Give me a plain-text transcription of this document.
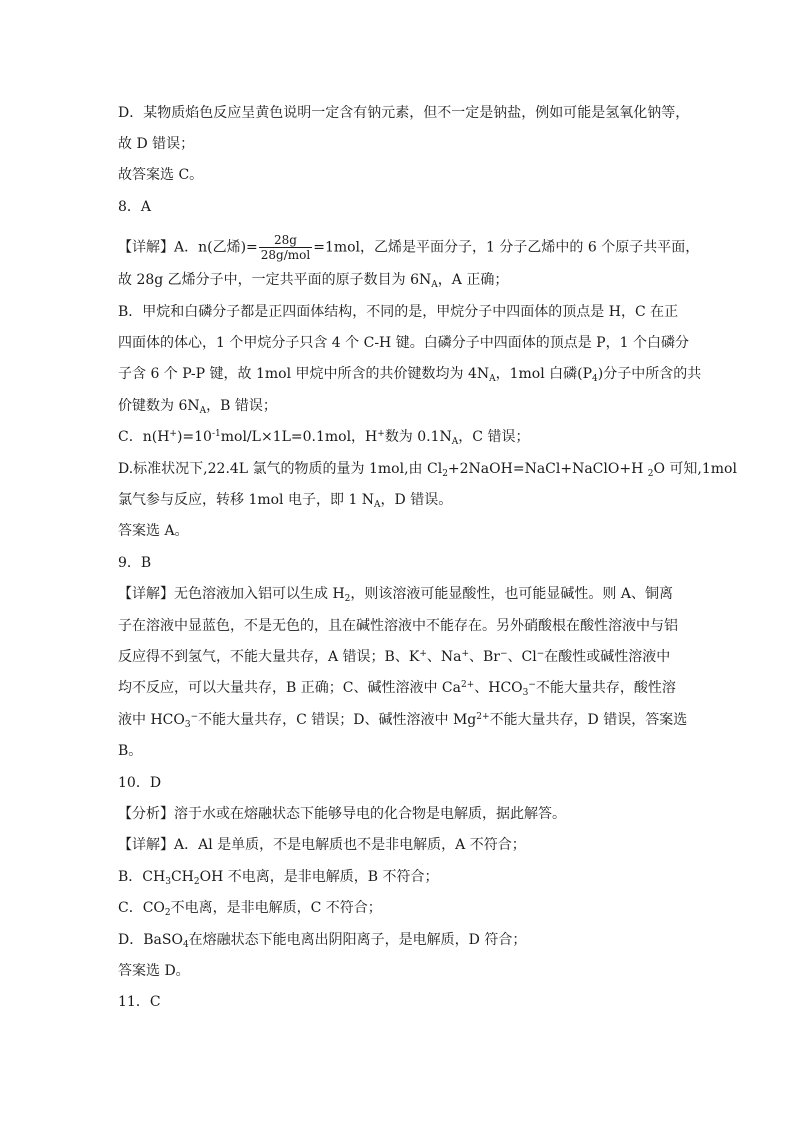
D．某物质焰色反应呈黄色说明一定含有钠元素，但不一定是钠盐，例如可能是氢氧化钠等，
故 D 错误；
故答案选 C。
8．A
【详解】A．n(乙烯)= $\frac{28g}{\text{28g/mol}} =1mol$，乙烯是平面分子，1 分子乙烯中的 6 个原子共平面，
故 28g 乙烯分子中，一定共平面的原子数目为 $6N_A$，A 正确；
B．甲烷和白磷分子都是正四面体结构，不同的是，甲烷分子中四面体的顶点是 H，C 在正
四面体的体心，1 个甲烷分子只含 4 个 C-H 键。白磷分子中四面体的顶点是 P，1 个白磷分
子含 6 个 P-P 键，故 1mol 甲烷中所含的共价键数均为 $4N_A$，1mol 白磷$(P_4)$分子中所含的共
价键数为 $6N_A$，B 错误；
C．$n(H^+)=10^{-1}mol/L\times 1L=0.1mol$，H+数为 $0.1N_A$，C 错误；
D.标准状况下,22.4L 氯气的物质的量为 1mol,由 $Cl_2+2NaOH=NaCl+NaClO+H$ $_2$O 可知,1mol
氯气参与反应，转移 1mol 电子，即 1 $N_A$，D 错误。
答案选 A。
9．B
【详解】无色溶液加入铝可以生成 $H_2$，则该溶液可能显酸性，也可能显碱性。则 A、铜离
子在溶液中显蓝色，不是无色的，且在碱性溶液中不能存在。另外硝酸根在酸性溶液中与铝
反应得不到氢气，不能大量共存，A 错误；B、K+、Na+、Br−、Cl−在酸性或碱性溶液中
均不反应，可以大量共存，B 正确；C、碱性溶液中 $Ca^{2+}$、$HCO_3^-$不能大量共存，酸性溶
液中 $HCO_3^-$不能大量共存，C 错误；D、碱性溶液中 $Mg^{2+}$不能大量共存，D 错误，答案选
B。
10．D
【分析】溶于水或在熔融状态下能够导电的化合物是电解质，据此解答。
【详解】A．Al 是单质，不是电解质也不是非电解质，A 不符合；
B．$CH_3CH_2OH$ 不电离，是非电解质，B 不符合；
C．$CO_2$不电离，是非电解质，C 不符合；
D．BaSO$_4$在熔融状态下能电离出阴阳离子，是电解质，D 符合；
答案选 D。
11．C
